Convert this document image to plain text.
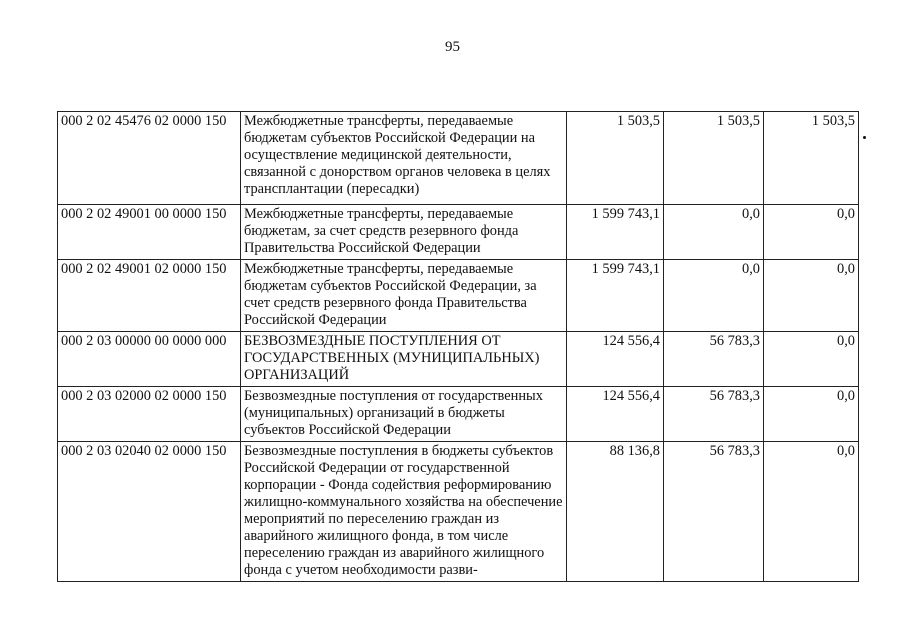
95
000 2 02 45476 02 0000 150	Межбюджетные трансферты, передаваемые бюджетам субъектов Российской Федерации на осуществление медицинской деятельности, связанной с донорством органов человека в целях трансплантации (пересадки)	1 503,5	1 503,5	1 503,5
000 2 02 49001 00 0000 150	Межбюджетные трансферты, передаваемые бюджетам, за счет средств резервного фонда Правительства Российской Федерации	1 599 743,1	0,0	0,0
000 2 02 49001 02 0000 150	Межбюджетные трансферты, передаваемые бюджетам субъектов Российской Федерации, за счет средств резервного фонда Правительства Российской Федерации	1 599 743,1	0,0	0,0
000 2 03 00000 00 0000 000	БЕЗВОЗМЕЗДНЫЕ ПОСТУПЛЕНИЯ ОТ ГОСУДАРСТВЕННЫХ (МУНИЦИПАЛЬНЫХ) ОРГАНИЗАЦИЙ	124 556,4	56 783,3	0,0
000 2 03 02000 02 0000 150	Безвозмездные поступления от государственных (муниципальных) организаций в бюджеты субъектов Российской Федерации	124 556,4	56 783,3	0,0
000 2 03 02040 02 0000 150	Безвозмездные поступления в бюджеты субъектов Российской Федерации от государственной корпорации - Фонда содействия реформированию жилищно-коммунального хозяйства на обеспечение мероприятий по переселению граждан из аварийного жилищного фонда, в том числе переселению граждан из аварийного жилищного фонда с учетом необходимости разви-	88 136,8	56 783,3	0,0
